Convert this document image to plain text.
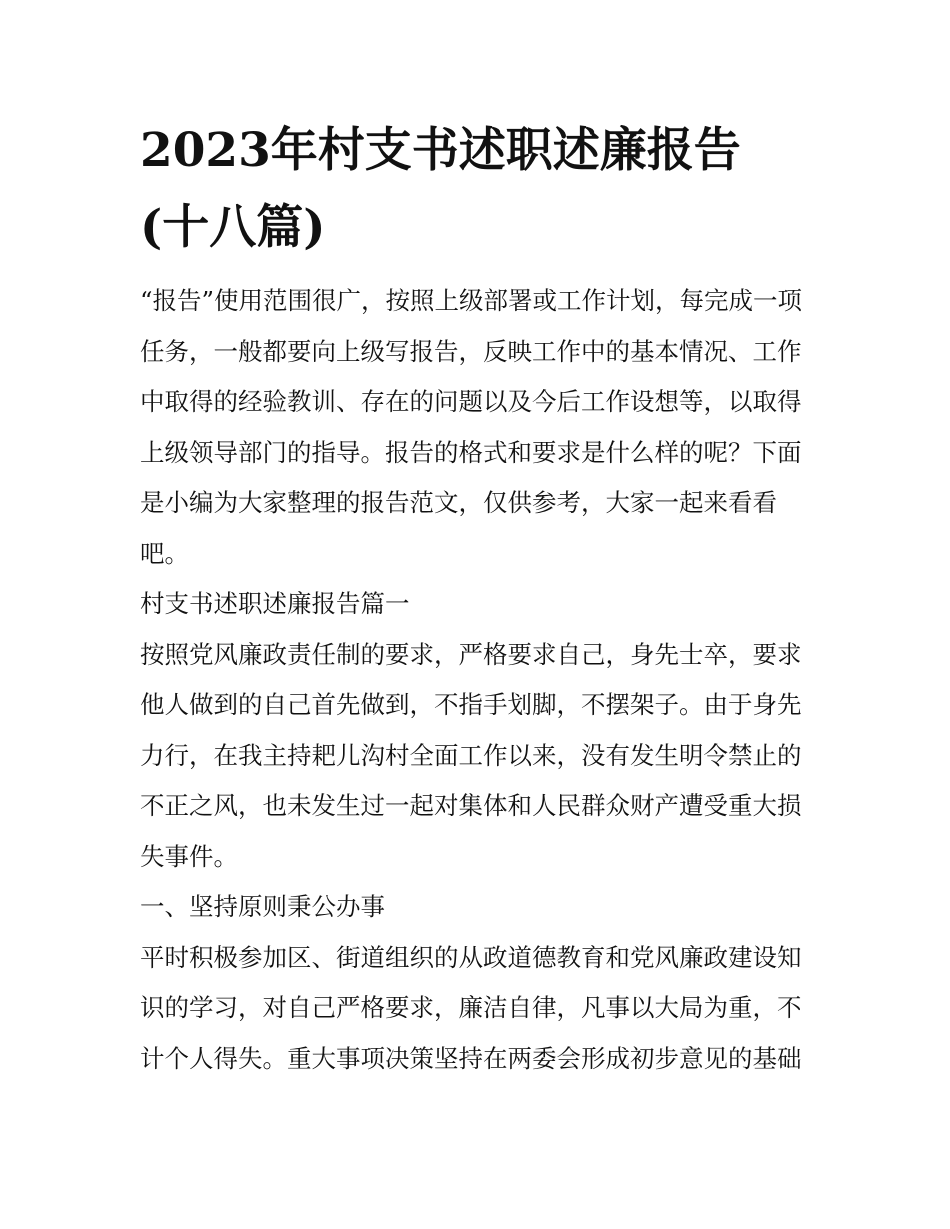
2023年村支书述职述廉报告
(十八篇)
“报告”使用范围很广，按照上级部署或工作计划，每完成一项
任务，一般都要向上级写报告，反映工作中的基本情况、工作
中取得的经验教训、存在的问题以及今后工作设想等，以取得
上级领导部门的指导。报告的格式和要求是什么样的呢？下面
是小编为大家整理的报告范文，仅供参考，大家一起来看看
吧。
村支书述职述廉报告篇一
按照党风廉政责任制的要求，严格要求自己，身先士卒，要求
他人做到的自己首先做到，不指手划脚，不摆架子。由于身先
力行，在我主持耙儿沟村全面工作以来，没有发生明令禁止的
不正之风，也未发生过一起对集体和人民群众财产遭受重大损
失事件。
一、坚持原则秉公办事
平时积极参加区、街道组织的从政道德教育和党风廉政建设知
识的学习，对自己严格要求，廉洁自律，凡事以大局为重，不
计个人得失。重大事项决策坚持在两委会形成初步意见的基础
